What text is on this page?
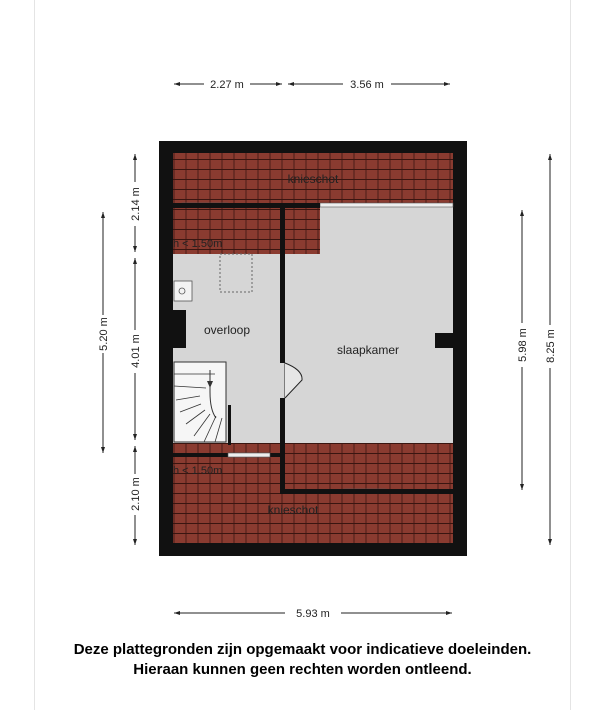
2.27 m	3.56 m
5.20 m
2.14 m
4.01 m
2.10 m
5.98 m 8.25 m
5.93 m
knieschot
h < 1.50m
overloop
slaapkamer
h < 1.50m
knieschot
Deze plattegronden zijn opgemaakt voor indicatieve doeleinden.
Hieraan kunnen geen rechten worden ontleend.
